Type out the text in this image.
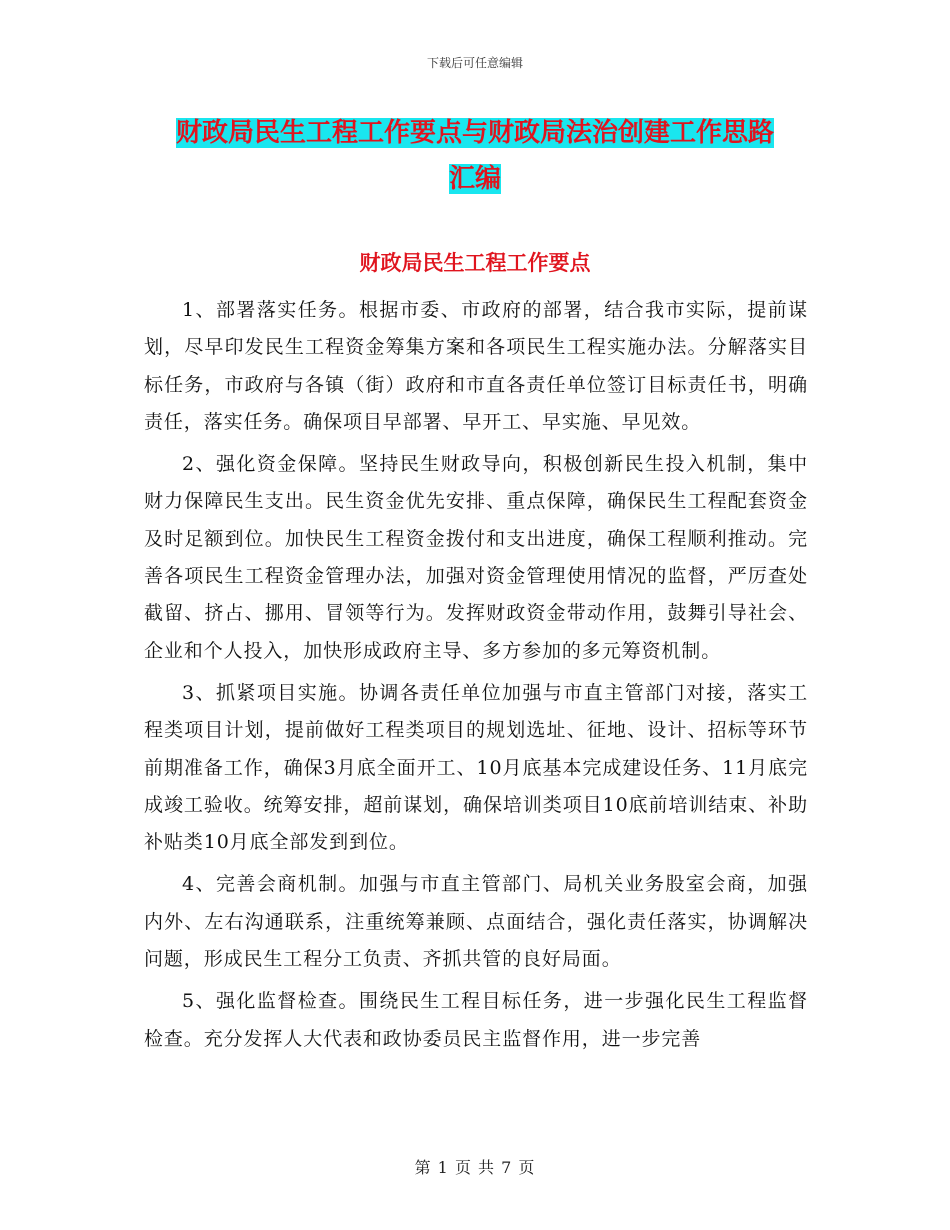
下载后可任意编辑
财政局民生工程工作要点与财政局法治创建工作思路
汇编
财政局民生工程工作要点

1、部署落实任务。根据市委、市政府的部署，结合我市实际，提前谋划，尽早印发民生工程资金筹集方案和各项民生工程实施办法。分解落实目标任务，市政府与各镇（街）政府和市直各责任单位签订目标责任书，明确责任，落实任务。确保项目早部署、早开工、早实施、早见效。

2、强化资金保障。坚持民生财政导向，积极创新民生投入机制，集中财力保障民生支出。民生资金优先安排、重点保障，确保民生工程配套资金及时足额到位。加快民生工程资金拨付和支出进度，确保工程顺利推动。完善各项民生工程资金管理办法，加强对资金管理使用情况的监督，严厉查处截留、挤占、挪用、冒领等行为。发挥财政资金带动作用，鼓舞引导社会、企业和个人投入，加快形成政府主导、多方参加的多元筹资机制。

3、抓紧项目实施。协调各责任单位加强与市直主管部门对接，落实工程类项目计划，提前做好工程类项目的规划选址、征地、设计、招标等环节前期准备工作，确保3月底全面开工、10月底基本完成建设任务、11月底完成竣工验收。统筹安排，超前谋划，确保培训类项目10底前培训结束、补助补贴类10月底全部发到到位。

4、完善会商机制。加强与市直主管部门、局机关业务股室会商，加强内外、左右沟通联系，注重统筹兼顾、点面结合，强化责任落实，协调解决问题，形成民生工程分工负责、齐抓共管的良好局面。

5、强化监督检查。围绕民生工程目标任务，进一步强化民生工程监督检查。充分发挥人大代表和政协委员民主监督作用，进一步完善

第 1 页 共 7 页
